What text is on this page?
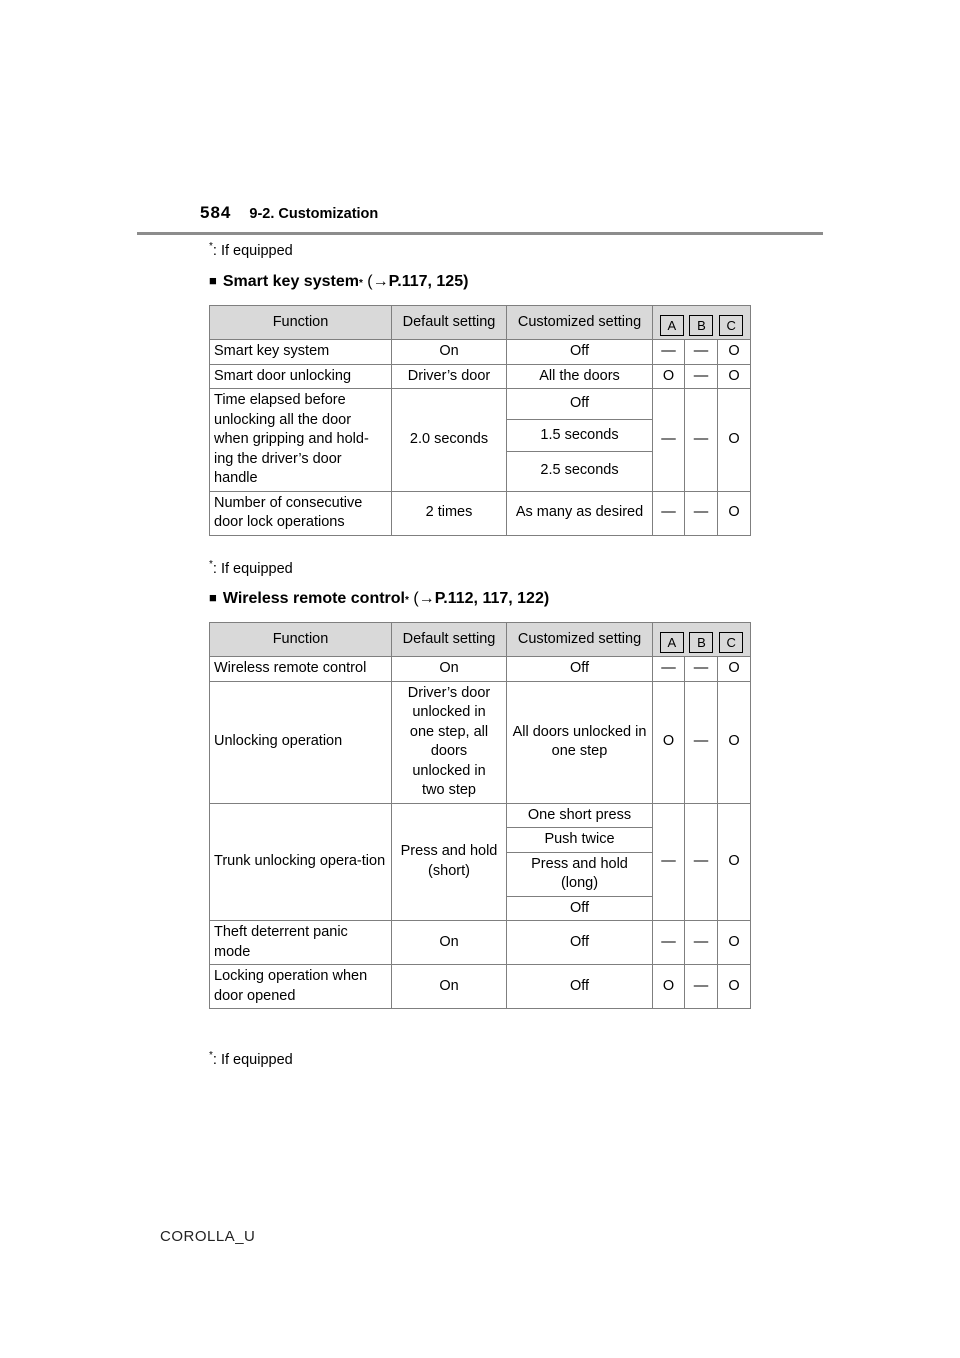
584 9-2. Customization
*: If equipped
■ Smart key system * (→ P.117, 125)
Function	Default setting	Customized setting	A B C		

Smart key system	On	Off	—	—	O
Smart door unlocking	Driver’s door	All the doors	O	—	O
Time elapsed before unlocking all the door when gripping and hold-ing the driver’s door handle	2.0 seconds	Off	—	—	O
		1.5 seconds			
		2.5 seconds			
Number of consecutive door lock operations	2 times	As many as desired	—	—	O
*: If equipped
■ Wireless remote control * (→ P.112, 117, 122)
Function	Default setting	Customized setting	A B C		

Wireless remote control	On	Off	—	—	O
Unlocking operation	Driver’s door unlocked in one step, all doors unlocked in two step	All doors unlocked in one step	O	—	O
Trunk unlocking opera-tion	Press and hold (short)	One short press	—	—	O
		Push twice			
		Press and hold (long)			
		Off			
Theft deterrent panic mode	On	Off	—	—	O
Locking operation when door opened	On	Off	O	—	O
*: If equipped
COROLLA_U
